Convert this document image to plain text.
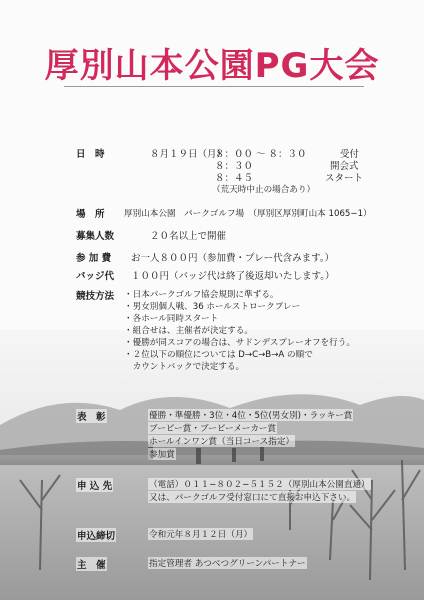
厚別山本公園PG大会
日　時	８月１９日（月）
８：００ 〜 ８：３０	受付
８：３０	開会式
８：４５	スタート
（荒天時中止の場合あり）
場　所 厚別山本公園　パークゴルフ場　（厚別区厚別町山本 1065−1）
募集人数	２０名以上で開催
参 加 費 お一人８００円（参加費・プレー代含みます。）
バッジ代 １００円（バッジ代は終了後返却いたします。）
競技方法 ・日本パークゴルフ協会規則に準ずる。
・男女別個人戦、36 ホールストロークプレー
・各ホール同時スタート
・組合せは、主催者が決定する。
・優勝が同スコアの場合は、サドンデスプレーオフを行う。
・２位以下の順位については D→C→B→A の順で
　カウントバックで決定する。
表　彰	優勝・準優勝・3位・4位・5位(男女別)・ラッキー賞
ブービー賞・ブービーメーカー賞
ホールインワン賞（当日コース指定）
参加賞
申 込 先	（電話）０１１−８０２−５１５２（厚別山本公園直通）
又は、パークゴルフ受付窓口にて直接お申込下さい。
申込締切	令和元年８月１２日（月）
主　催	指定管理者 あつべつグリーンパートナー
